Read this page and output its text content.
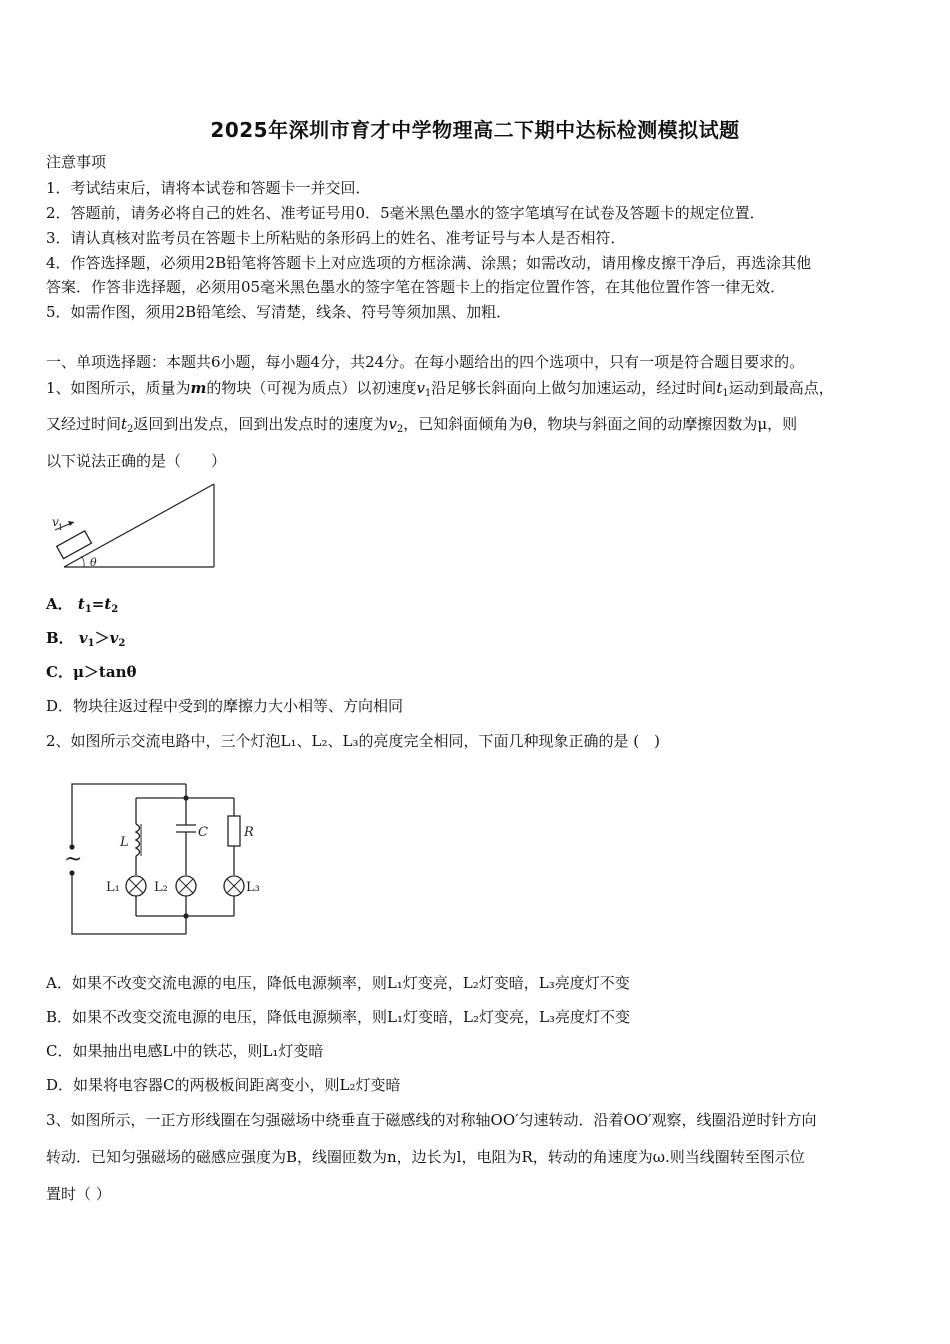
2025年深圳市育才中学物理高二下期中达标检测模拟试题
注意事项
1．考试结束后，请将本试卷和答题卡一并交回．
2．答题前，请务必将自己的姓名、准考证号用0．5毫米黑色墨水的签字笔填写在试卷及答题卡的规定位置．
3．请认真核对监考员在答题卡上所粘贴的条形码上的姓名、准考证号与本人是否相符．
4．作答选择题，必须用2B铅笔将答题卡上对应选项的方框涂满、涂黑；如需改动，请用橡皮擦干净后，再选涂其他
答案．作答非选择题，必须用05毫米黑色墨水的签字笔在答题卡上的指定位置作答，在其他位置作答一律无效．
5．如需作图，须用2B铅笔绘、写清楚，线条、符号等须加黑、加粗．
一、单项选择题：本题共6小题，每小题4分，共24分。在每小题给出的四个选项中，只有一项是符合题目要求的。
1、如图所示，质量为m的物块（可视为质点）以初速度$v_1$沿足够长斜面向上做匀加速运动，经过时间$t_1$运动到最高点，
又经过时间$t_2$返回到出发点，回到出发点时的速度为$v_2$，已知斜面倾角为θ，物块与斜面之间的动摩擦因数为μ，则
以下说法正确的是（　　）
v 1
θ
A． $t_1=t_2$
B． $v_1>v_2$
C．μ＞tanθ
D．物块往返过程中受到的摩擦力大小相等、方向相同
2、如图所示交流电路中，三个灯泡L₁、L₂、L₃的亮度完全相同，下面几种现象正确的是 (　)
~
L
C	R
L₁	L₂	L₃
A．如果不改变交流电源的电压，降低电源频率，则L₁灯变亮，L₂灯变暗，L₃亮度灯不变
B．如果不改变交流电源的电压，降低电源频率，则L₁灯变暗，L₂灯变亮，L₃亮度灯不变
C．如果抽出电感L中的铁芯，则L₁灯变暗
D．如果将电容器C的两极板间距离变小，则L₂灯变暗
3、如图所示，一正方形线圈在匀强磁场中绕垂直于磁感线的对称轴OO′匀速转动．沿着OO′观察，线圈沿逆时针方向
转动．已知匀强磁场的磁感应强度为B，线圈匝数为n，边长为l，电阻为R，转动的角速度为ω.则当线圈转至图示位
置时（ ）
